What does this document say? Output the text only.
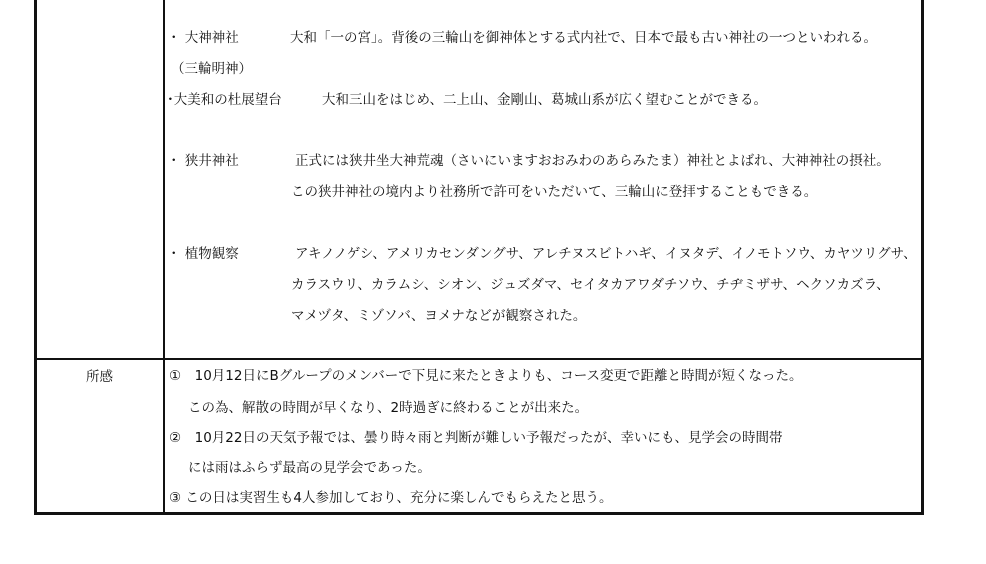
・ 大神神社	大和「一の宮」。背後の三輪山を御神体とする式内社で、日本で最も古い神社の一つといわれる。
（三輪明神）
･大美和の杜展望台	大和三山をはじめ、二上山、金剛山、葛城山系が広く望むことができる。
・ 狭井神社	正式には狭井坐大神荒魂（さいにいますおおみわのあらみたま）神社とよばれ、大神神社の摂社。
この狭井神社の境内より社務所で許可をいただいて、三輪山に登拝することもできる。
・ 植物観察	アキノノゲシ、アメリカセンダングサ、アレチヌスビトハギ、イヌタデ、イノモトソウ、カヤツリグサ、
カラスウリ、カラムシ、シオン、ジュズダマ、セイタカアワダチソウ、チヂミザサ、ヘクソカズラ、
マメヅタ、ミゾソバ、ヨメナなどが観察された。
所感	①　10月12日にBグループのメンバーで下見に来たときよりも、コース変更で距離と時間が短くなった。
この為、解散の時間が早くなり、2時過ぎに終わることが出来た。
②　10月22日の天気予報では、曇り時々雨と判断が難しい予報だったが、幸いにも、見学会の時間帯
には雨はふらず最高の見学会であった。
③ この日は実習生も4人参加しており、充分に楽しんでもらえたと思う。
